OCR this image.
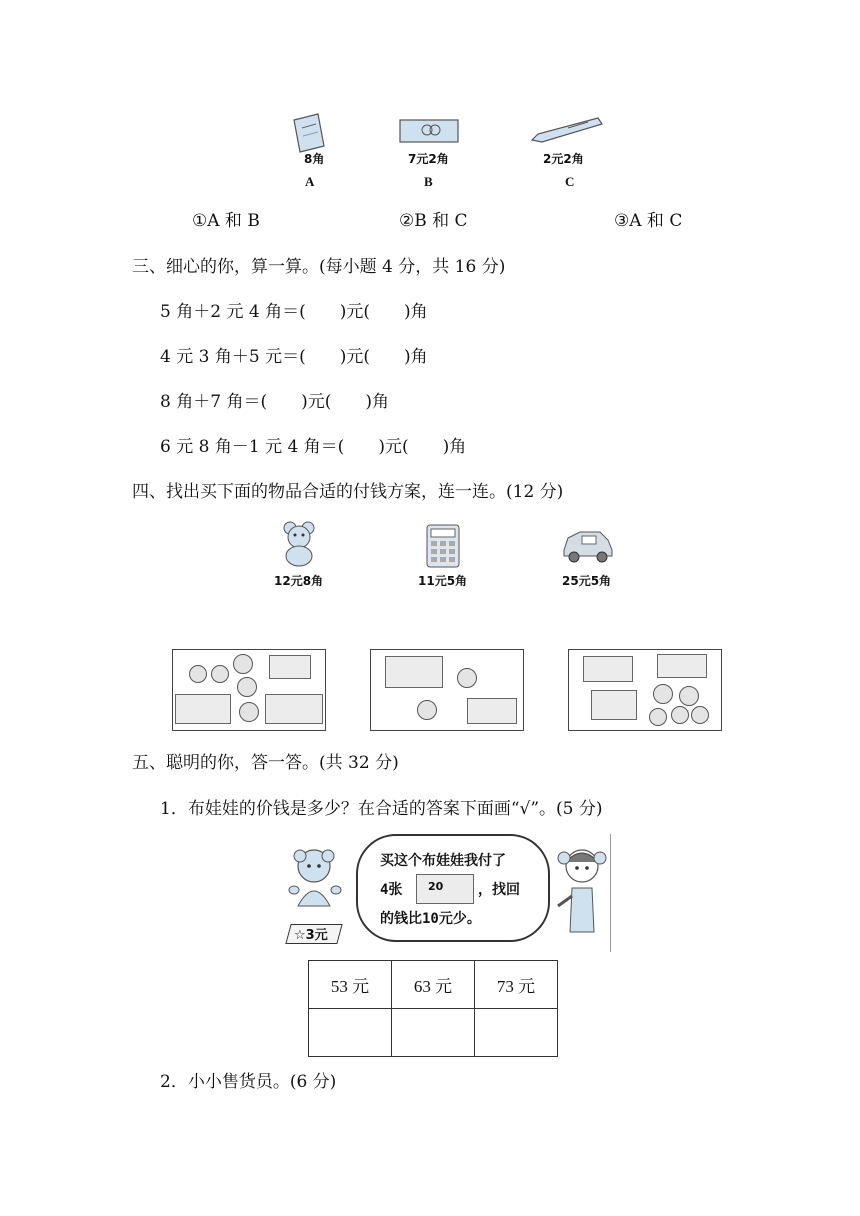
8角
A
7元2角
B
2元2角
C
①A 和 B	②B 和 C	③A 和 C
三、细心的你，算一算。(每小题 4 分，共 16 分)
5 角＋2 元 4 角＝(　　)元(　　)角
4 元 3 角＋5 元＝(　　)元(　　)角
8 角＋7 角＝(　　)元(　　)角
6 元 8 角－1 元 4 角＝(　　)元(　　)角
四、找出买下面的物品合适的付钱方案，连一连。(12 分)
12元8角	11元5角	25元5角
五、聪明的你，答一答。(共 32 分)
1．布娃娃的价钱是多少？在合适的答案下面画“√”。(5 分)
☆3元
买这个布娃娃我付了
4张 20 ，找回
的钱比10元少。
53 元	63 元	73 元

2．小小售货员。(6 分)
